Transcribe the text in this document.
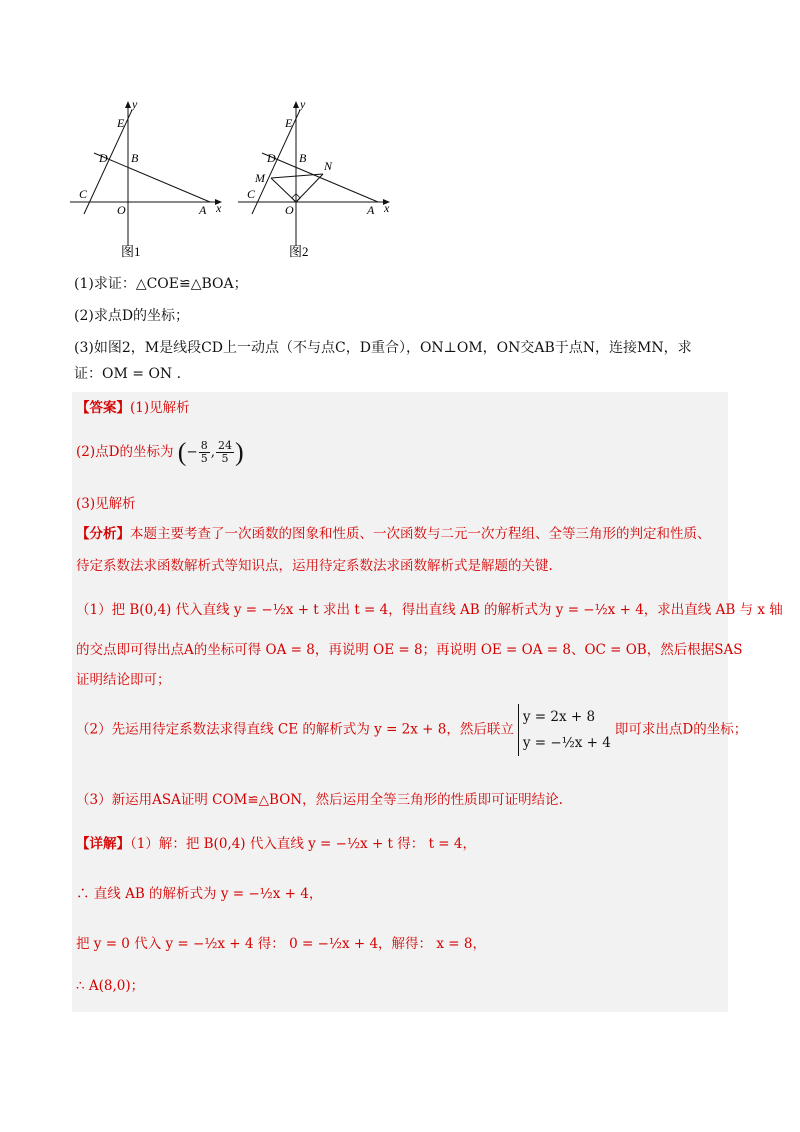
y
x
E
D B
C
O	A
图1
y
x
E
D B
N
M
C
O	A
图2
(1)求证：△COE≌△BOA；
(2)求点D的坐标；
(3)如图2，M是线段CD上一动点（不与点C，D重合），ON⊥OM，ON交AB于点N，连接MN，求
证：OM = ON .
【答案】(1)见解析
(2)点D的坐标为 (− $\frac{8}{5}$ , $\frac{24}{5}$ )
(3)见解析
【分析】本题主要考查了一次函数的图象和性质、一次函数与二元一次方程组、全等三角形的判定和性质、
待定系数法求函数解析式等知识点，运用待定系数法求函数解析式是解题的关键.
（1）把 B(0,4) 代入直线 y = −½x + t 求出 t = 4，得出直线 AB 的解析式为 y = −½x + 4，求出直线 AB 与 x 轴
的交点即可得出点A的坐标可得 OA = 8，再说明 OE = 8；再说明 OE = OA = 8、OC = OB，然后根据SAS
证明结论即可；
（2）先运用待定系数法求得直线 CE 的解析式为 y = 2x + 8，然后联立
y = 2x + 8
y = −½x + 4
即可求出点D的坐标；
（3）新运用ASA证明 COM≌△BON，然后运用全等三角形的性质即可证明结论.
【详解】（1）解：把 B(0,4) 代入直线 y = −½x + t 得： t = 4，
∴ 直线 AB 的解析式为 y = −½x + 4，
把 y = 0 代入 y = −½x + 4 得： 0 = −½x + 4，解得： x = 8，
∴ A(8,0)；
